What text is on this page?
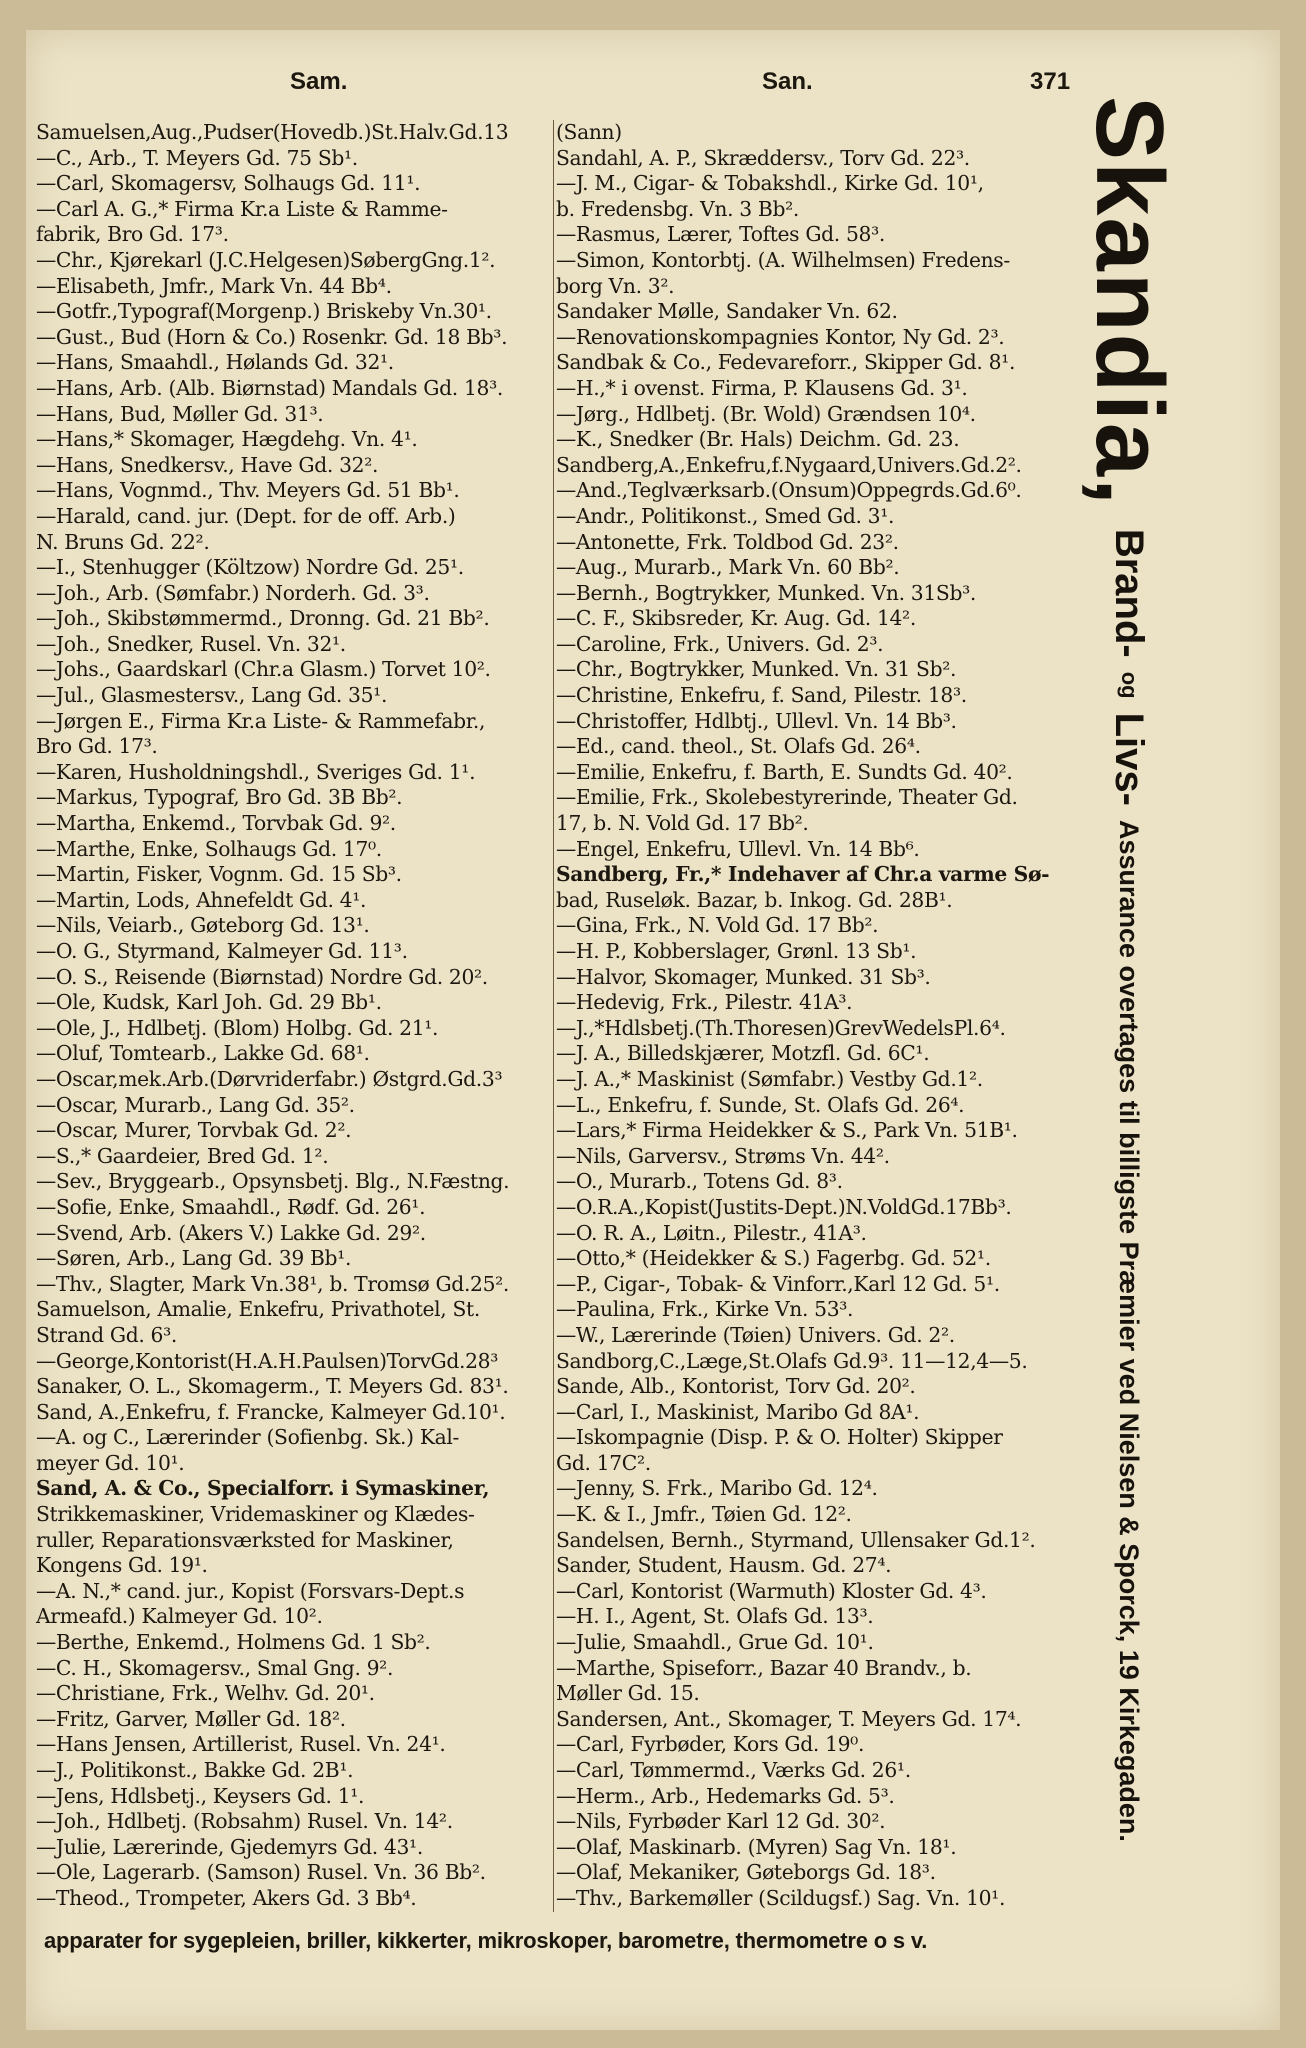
Sam.	San.	371
Samuelsen,Aug.,Pudser(Hovedb.)St.Halv.Gd.13
—C., Arb., T. Meyers Gd. 75 Sb¹.
—Carl, Skomagersv, Solhaugs Gd. 11¹.
—Carl A. G.,* Firma Kr.a Liste & Ramme-
fabrik, Bro Gd. 17³.
—Chr., Kjørekarl (J.C.Helgesen)SøbergGng.1².
—Elisabeth, Jmfr., Mark Vn. 44 Bb⁴.
—Gotfr.,Typograf(Morgenp.) Briskeby Vn.30¹.
—Gust., Bud (Horn & Co.) Rosenkr. Gd. 18 Bb³.
—Hans, Smaahdl., Hølands Gd. 32¹.
—Hans, Arb. (Alb. Biørnstad) Mandals Gd. 18³.
—Hans, Bud, Møller Gd. 31³.
—Hans,* Skomager, Hægdehg. Vn. 4¹.
—Hans, Snedkersv., Have Gd. 32².
—Hans, Vognmd., Thv. Meyers Gd. 51 Bb¹.
—Harald, cand. jur. (Dept. for de off. Arb.)
N. Bruns Gd. 22².
—I., Stenhugger (Költzow) Nordre Gd. 25¹.
—Joh., Arb. (Sømfabr.) Norderh. Gd. 3³.
—Joh., Skibstømmermd., Dronng. Gd. 21 Bb².
—Joh., Snedker, Rusel. Vn. 32¹.
—Johs., Gaardskarl (Chr.a Glasm.) Torvet 10².
—Jul., Glasmestersv., Lang Gd. 35¹.
—Jørgen E., Firma Kr.a Liste- & Rammefabr.,
Bro Gd. 17³.
—Karen, Husholdningshdl., Sveriges Gd. 1¹.
—Markus, Typograf, Bro Gd. 3B Bb².
—Martha, Enkemd., Torvbak Gd. 9².
—Marthe, Enke, Solhaugs Gd. 17⁰.
—Martin, Fisker, Vognm. Gd. 15 Sb³.
—Martin, Lods, Ahnefeldt Gd. 4¹.
—Nils, Veiarb., Gøteborg Gd. 13¹.
—O. G., Styrmand, Kalmeyer Gd. 11³.
—O. S., Reisende (Biørnstad) Nordre Gd. 20².
—Ole, Kudsk, Karl Joh. Gd. 29 Bb¹.
—Ole, J., Hdlbetj. (Blom) Holbg. Gd. 21¹.
—Oluf, Tomtearb., Lakke Gd. 68¹.
—Oscar,mek.Arb.(Dørvriderfabr.) Østgrd.Gd.3³
—Oscar, Murarb., Lang Gd. 35².
—Oscar, Murer, Torvbak Gd. 2².
—S.,* Gaardeier, Bred Gd. 1².
—Sev., Bryggearb., Opsynsbetj. Blg., N.Fæstng.
—Sofie, Enke, Smaahdl., Rødf. Gd. 26¹.
—Svend, Arb. (Akers V.) Lakke Gd. 29².
—Søren, Arb., Lang Gd. 39 Bb¹.
—Thv., Slagter, Mark Vn.38¹, b. Tromsø Gd.25².
Samuelson, Amalie, Enkefru, Privathotel, St.
Strand Gd. 6³.
—George,Kontorist(H.A.H.Paulsen)TorvGd.28³
Sanaker, O. L., Skomagerm., T. Meyers Gd. 83¹.
Sand, A.,Enkefru, f. Francke, Kalmeyer Gd.10¹.
—A. og C., Lærerinder (Sofienbg. Sk.) Kal-
meyer Gd. 10¹.
Sand, A. & Co., Specialforr. i Symaskiner,
Strikkemaskiner, Vridemaskiner og Klædes-
ruller, Reparationsværksted for Maskiner,
Kongens Gd. 19¹.
—A. N.,* cand. jur., Kopist (Forsvars-Dept.s
Armeafd.) Kalmeyer Gd. 10².
—Berthe, Enkemd., Holmens Gd. 1 Sb².
—C. H., Skomagersv., Smal Gng. 9².
—Christiane, Frk., Welhv. Gd. 20¹.
—Fritz, Garver, Møller Gd. 18².
—Hans Jensen, Artillerist, Rusel. Vn. 24¹.
—J., Politikonst., Bakke Gd. 2B¹.
—Jens, Hdlsbetj., Keysers Gd. 1¹.
—Joh., Hdlbetj. (Robsahm) Rusel. Vn. 14².
—Julie, Lærerinde, Gjedemyrs Gd. 43¹.
—Ole, Lagerarb. (Samson) Rusel. Vn. 36 Bb².
—Theod., Trompeter, Akers Gd. 3 Bb⁴.
(Sann)
Sandahl, A. P., Skræddersv., Torv Gd. 22³.
—J. M., Cigar- & Tobakshdl., Kirke Gd. 10¹,
b. Fredensbg. Vn. 3 Bb².
—Rasmus, Lærer, Toftes Gd. 58³.
—Simon, Kontorbtj. (A. Wilhelmsen) Fredens-
borg Vn. 3².
Sandaker Mølle, Sandaker Vn. 62.
—Renovationskompagnies Kontor, Ny Gd. 2³.
Sandbak & Co., Fedevareforr., Skipper Gd. 8¹.
—H.,* i ovenst. Firma, P. Klausens Gd. 3¹.
—Jørg., Hdlbetj. (Br. Wold) Grændsen 10⁴.
—K., Snedker (Br. Hals) Deichm. Gd. 23.
Sandberg,A.,Enkefru,f.Nygaard,Univers.Gd.2².
—And.,Teglværksarb.(Onsum)Oppegrds.Gd.6⁰.
—Andr., Politikonst., Smed Gd. 3¹.
—Antonette, Frk. Toldbod Gd. 23².
—Aug., Murarb., Mark Vn. 60 Bb².
—Bernh., Bogtrykker, Munked. Vn. 31Sb³.
—C. F., Skibsreder, Kr. Aug. Gd. 14².
—Caroline, Frk., Univers. Gd. 2³.
—Chr., Bogtrykker, Munked. Vn. 31 Sb².
—Christine, Enkefru, f. Sand, Pilestr. 18³.
—Christoffer, Hdlbtj., Ullevl. Vn. 14 Bb³.
—Ed., cand. theol., St. Olafs Gd. 26⁴.
—Emilie, Enkefru, f. Barth, E. Sundts Gd. 40².
—Emilie, Frk., Skolebestyrerinde, Theater Gd.
17, b. N. Vold Gd. 17 Bb².
—Engel, Enkefru, Ullevl. Vn. 14 Bb⁶.
Sandberg, Fr.,* Indehaver af Chr.a varme Sø-
bad, Ruseløk. Bazar, b. Inkog. Gd. 28B¹.
—Gina, Frk., N. Vold Gd. 17 Bb².
—H. P., Kobberslager, Grønl. 13 Sb¹.
—Halvor, Skomager, Munked. 31 Sb³.
—Hedevig, Frk., Pilestr. 41A³.
—J.,*Hdlsbetj.(Th.Thoresen)GrevWedelsPl.6⁴.
—J. A., Billedskjærer, Motzfl. Gd. 6C¹.
—J. A.,* Maskinist (Sømfabr.) Vestby Gd.1².
—L., Enkefru, f. Sunde, St. Olafs Gd. 26⁴.
—Lars,* Firma Heidekker & S., Park Vn. 51B¹.
—Nils, Garversv., Strøms Vn. 44².
—O., Murarb., Totens Gd. 8³.
—O.R.A.,Kopist(Justits-Dept.)N.VoldGd.17Bb³.
—O. R. A., Løitn., Pilestr., 41A³.
—Otto,* (Heidekker & S.) Fagerbg. Gd. 52¹.
—P., Cigar-, Tobak- & Vinforr.,Karl 12 Gd. 5¹.
—Paulina, Frk., Kirke Vn. 53³.
—W., Lærerinde (Tøien) Univers. Gd. 2².
Sandborg,C.,Læge,St.Olafs Gd.9³. 11—12,4—5.
Sande, Alb., Kontorist, Torv Gd. 20².
—Carl, I., Maskinist, Maribo Gd 8A¹.
—Iskompagnie (Disp. P. & O. Holter) Skipper
Gd. 17C².
—Jenny, S. Frk., Maribo Gd. 12⁴.
—K. & I., Jmfr., Tøien Gd. 12².
Sandelsen, Bernh., Styrmand, Ullensaker Gd.1².
Sander, Student, Hausm. Gd. 27⁴.
—Carl, Kontorist (Warmuth) Kloster Gd. 4³.
—H. I., Agent, St. Olafs Gd. 13³.
—Julie, Smaahdl., Grue Gd. 10¹.
—Marthe, Spiseforr., Bazar 40 Brandv., b.
Møller Gd. 15.
Sandersen, Ant., Skomager, T. Meyers Gd. 17⁴.
—Carl, Fyrbøder, Kors Gd. 19⁰.
—Carl, Tømmermd., Værks Gd. 26¹.
—Herm., Arb., Hedemarks Gd. 5³.
—Nils, Fyrbøder Karl 12 Gd. 30².
—Olaf, Maskinarb. (Myren) Sag Vn. 18¹.
—Olaf, Mekaniker, Gøteborgs Gd. 18³.
—Thv., Barkemøller (Scildugsf.) Sag. Vn. 10¹.
Skandia,
Brand-
og
Livs-
Assurance overtages til billigste Præmier ved Nielsen & Sporck, 19 Kirkegaden.
apparater for sygepleien, briller, kikkerter, mikroskoper, barometre, thermometre o s v.
